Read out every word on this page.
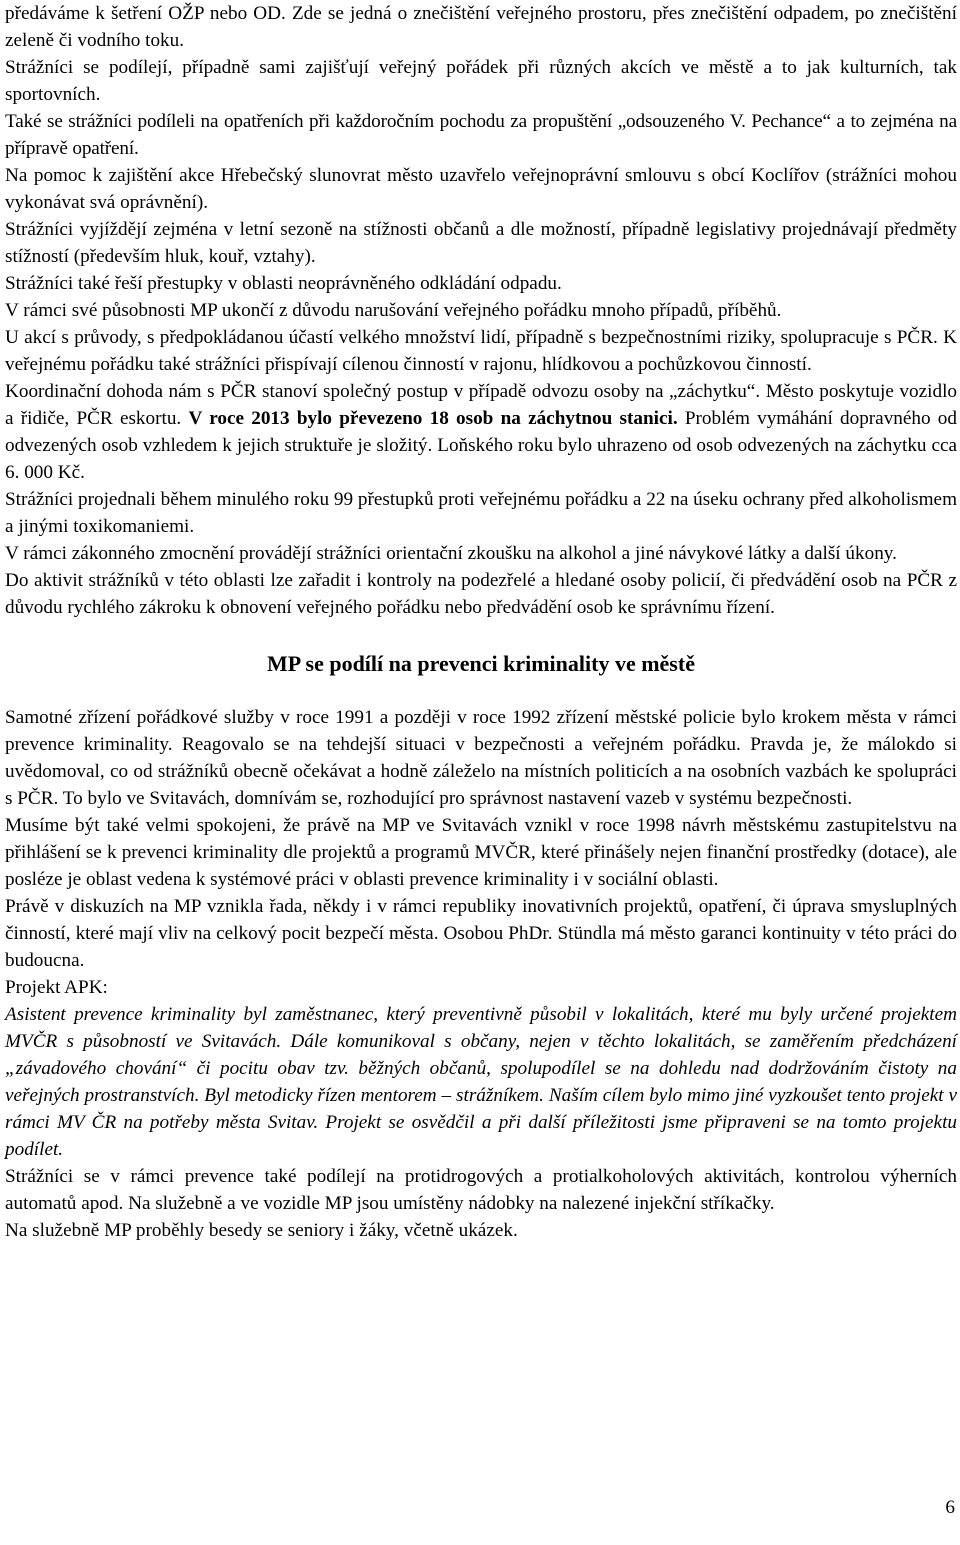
předáváme k šetření OŽP nebo OD. Zde se jedná o znečištění veřejného prostoru, přes znečištění odpadem, po znečištění zeleně či vodního toku.

Strážníci se podílejí, případně sami zajišťují veřejný pořádek při různých akcích ve městě a to jak kulturních, tak sportovních.

Také se strážníci podíleli na opatřeních při každoročním pochodu za propuštění „odsouzeného V. Pechance“ a to zejména na přípravě opatření.

Na pomoc k zajištění akce Hřebečský slunovrat město uzavřelo veřejnoprávní smlouvu s obcí Koclířov (strážníci mohou vykonávat svá oprávnění).

Strážníci vyjíždějí zejména v letní sezoně na stížnosti občanů a dle možností, případně legislativy projednávají předměty stížností (především hluk, kouř, vztahy).

Strážníci také řeší přestupky v oblasti neoprávněného odkládání odpadu.

V rámci své působnosti MP ukončí z důvodu narušování veřejného pořádku mnoho případů, příběhů.

U akcí s průvody, s předpokládanou účastí velkého množství lidí, případně s bezpečnostními riziky, spolupracuje s PČR. K veřejnému pořádku také strážníci přispívají cílenou činností v rajonu, hlídkovou a pochůzkovou činností.

Koordinační dohoda nám s PČR stanoví společný postup v případě odvozu osoby na „záchytku“. Město poskytuje vozidlo a řidiče, PČR eskortu. V roce 2013 bylo převezeno 18 osob na záchytnou stanici. Problém vymáhání dopravného od odvezených osob vzhledem k jejich struktuře je složitý. Loňského roku bylo uhrazeno od osob odvezených na záchytku cca 6. 000 Kč.

Strážníci projednali během minulého roku 99 přestupků proti veřejnému pořádku a 22 na úseku ochrany před alkoholismem a jinými toxikomaniemi.

V rámci zákonného zmocnění provádějí strážníci orientační zkoušku na alkohol a jiné návykové látky a další úkony.

Do aktivit strážníků v této oblasti lze zařadit i kontroly na podezřelé a hledané osoby policií, či předvádění osob na PČR z důvodu rychlého zákroku k obnovení veřejného pořádku nebo předvádění osob ke správnímu řízení.

MP se podílí na prevenci kriminality ve městě

Samotné zřízení pořádkové služby v roce 1991 a později v roce 1992 zřízení městské policie bylo krokem města v rámci prevence kriminality. Reagovalo se na tehdejší situaci v bezpečnosti a veřejném pořádku. Pravda je, že málokdo si uvědomoval, co od strážníků obecně očekávat a hodně záleželo na místních politicích a na osobních vazbách ke spolupráci s PČR. To bylo ve Svitavách, domnívám se, rozhodující pro správnost nastavení vazeb v systému bezpečnosti.

Musíme být také velmi spokojeni, že právě na MP ve Svitavách vznikl v roce 1998 návrh městskému zastupitelstvu na přihlášení se k prevenci kriminality dle projektů a programů MVČR, které přinášely nejen finanční prostředky (dotace), ale posléze je oblast vedena k systémové práci v oblasti prevence kriminality i v sociální oblasti.

Právě v diskuzích na MP vznikla řada, někdy i v rámci republiky inovativních projektů, opatření, či úprava smysluplných činností, které mají vliv na celkový pocit bezpečí města. Osobou PhDr. Stündla má město garanci kontinuity v této práci do budoucna.

Projekt APK:

Asistent prevence kriminality byl zaměstnanec, který preventivně působil v lokalitách, které mu byly určené projektem MVČR s působností ve Svitavách. Dále komunikoval s občany, nejen v těchto lokalitách, se zaměřením předcházení „závadového chování“ či pocitu obav tzv. běžných občanů, spolupodílel se na dohledu nad dodržováním čistoty na veřejných prostranstvích. Byl metodicky řízen mentorem – strážníkem. Naším cílem bylo mimo jiné vyzkoušet tento projekt v rámci MV ČR na potřeby města Svitav. Projekt se osvědčil a při další příležitosti jsme připraveni se na tomto projektu podílet.

Strážníci se v rámci prevence také podílejí na protidrogových a protialkoholových aktivitách, kontrolou výherních automatů apod. Na služebně a ve vozidle MP jsou umístěny nádobky na nalezené injekční stříkačky.

Na služebně MP proběhly besedy se seniory i žáky, včetně ukázek.

6
